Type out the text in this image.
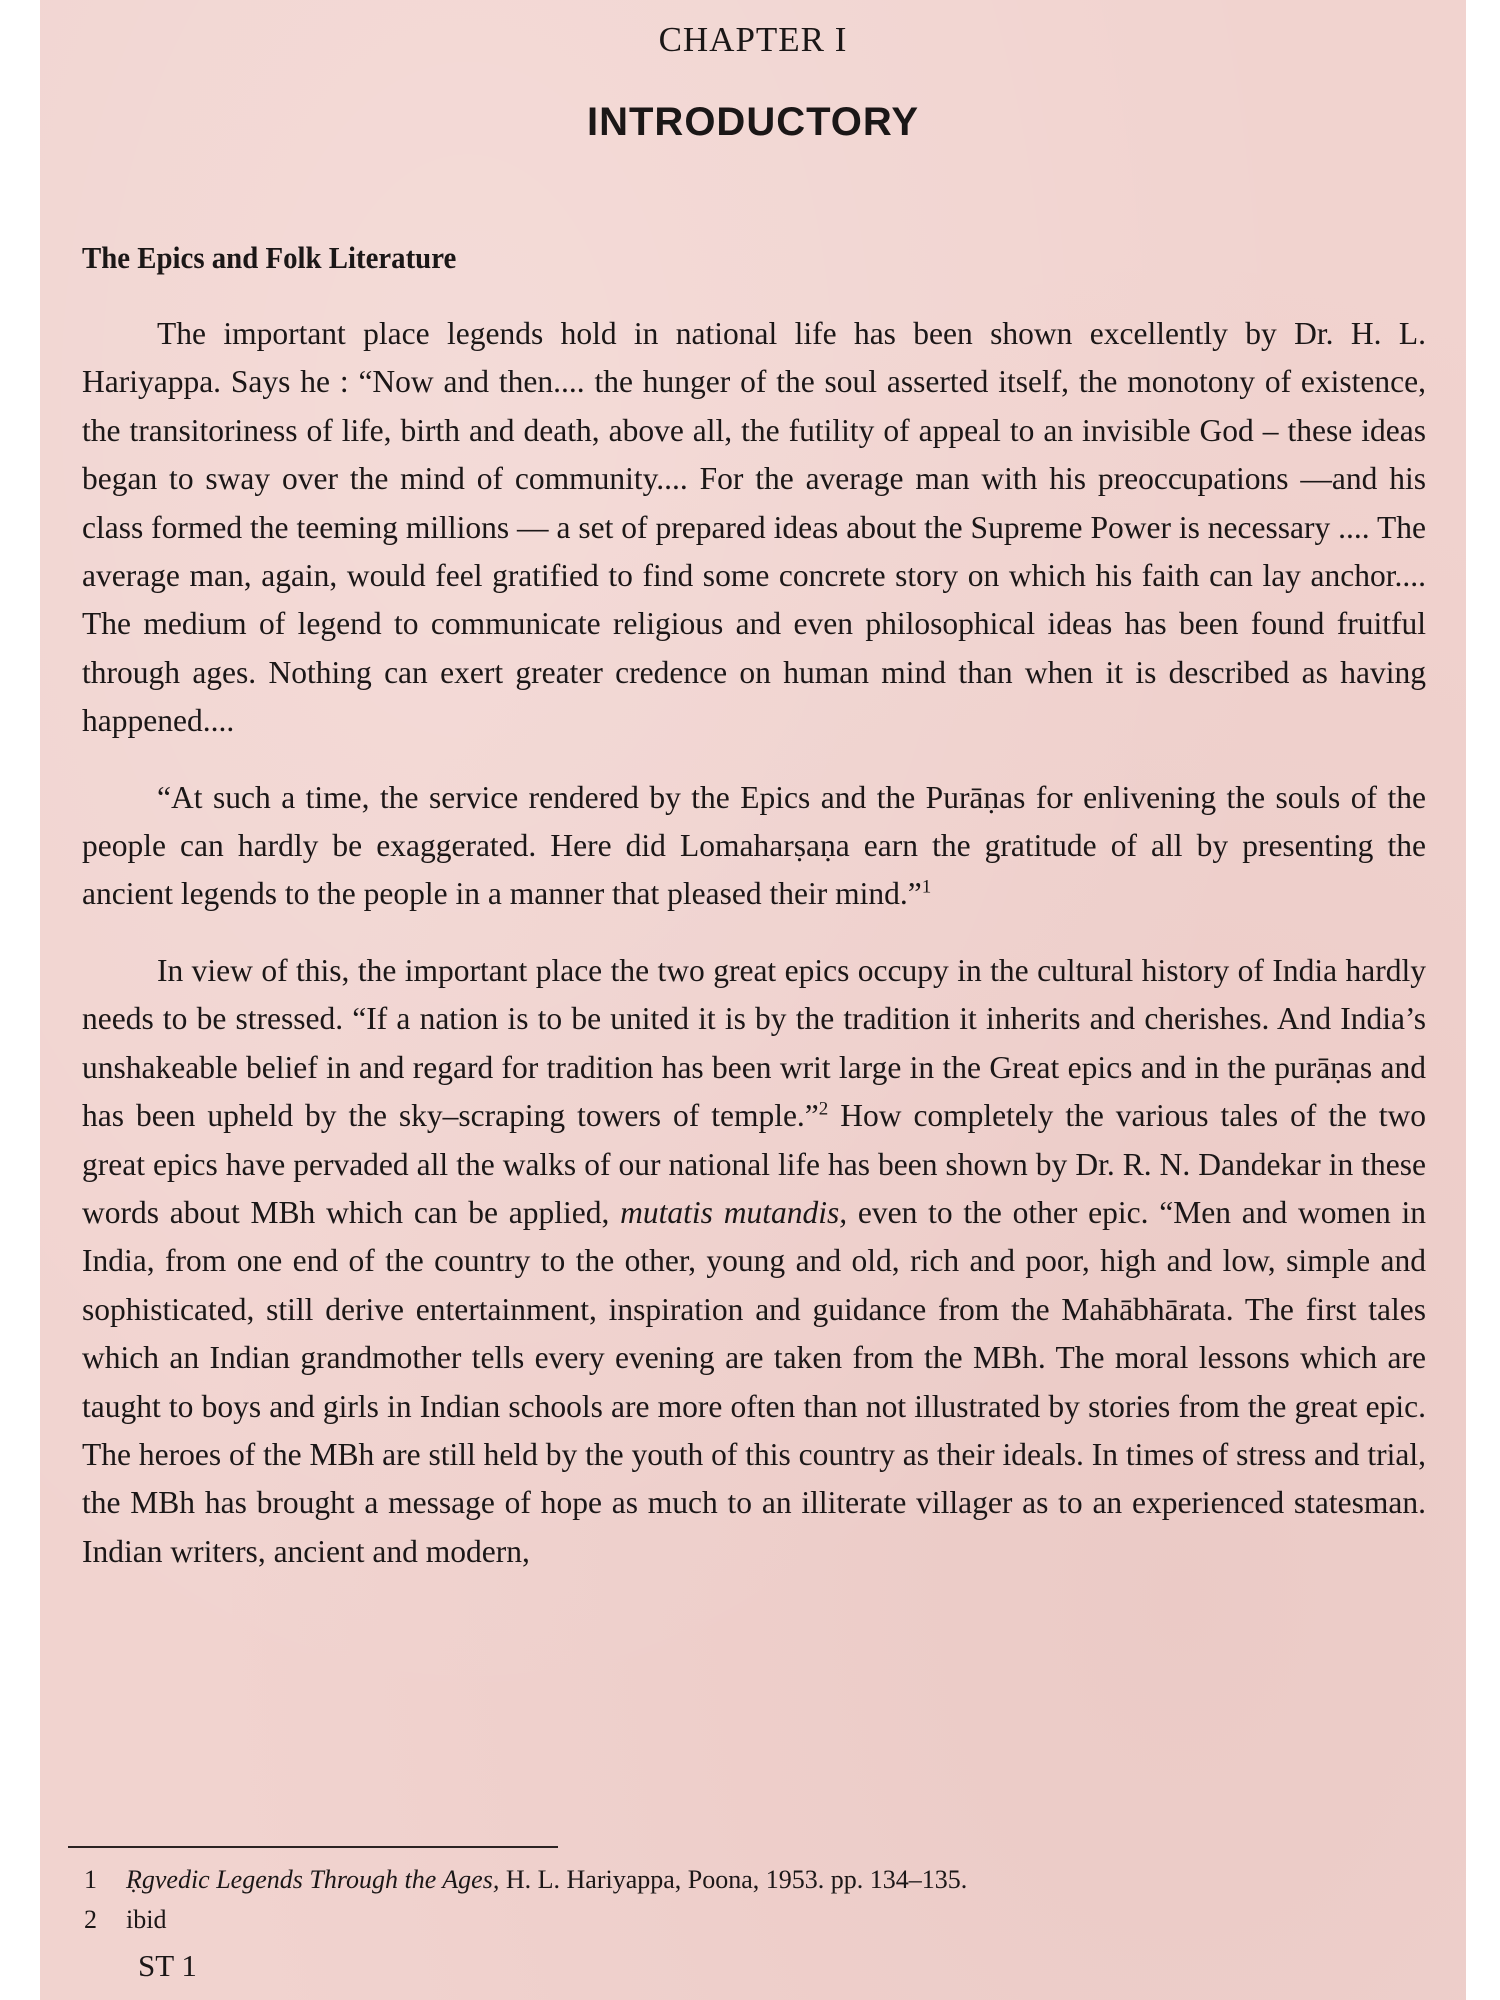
CHAPTER I
INTRODUCTORY
The Epics and Folk Literature

The important place legends hold in national life has been shown excellently by Dr. H. L. Hariyappa. Says he : “Now and then.... the hunger of the soul asserted itself, the monotony of existence, the transitoriness of life, birth and death, above all, the futility of appeal to an invisible God – these ideas began to sway over the mind of community.... For the average man with his preoccupations —and his class formed the teeming millions — a set of prepared ideas about the Supreme Power is necessary .... The average man, again, would feel gratified to find some concrete story on which his faith can lay anchor.... The medium of legend to communicate religious and even philosophical ideas has been found fruitful through ages. Nothing can exert greater credence on human mind than when it is described as having happened....

“At such a time, the service rendered by the Epics and the Purāṇas for enlivening the souls of the people can hardly be exaggerated. Here did Lomaharṣaṇa earn the gratitude of all by presenting the ancient legends to the people in a manner that pleased their mind.”$^1$

In view of this, the important place the two great epics occupy in the cultural history of India hardly needs to be stressed. “If a nation is to be united it is by the tradition it inherits and cherishes. And India’s unshakeable belief in and regard for tradition has been writ large in the Great epics and in the purāṇas and has been upheld by the sky–scraping towers of temple.”$^2$ How completely the various tales of the two great epics have pervaded all the walks of our national life has been shown by Dr. R. N. Dandekar in these words about MBh which can be applied, mutatis mutandis, even to the other epic. “Men and women in India, from one end of the country to the other, young and old, rich and poor, high and low, simple and sophisticated, still derive entertainment, inspiration and guidance from the Mahābhārata. The first tales which an Indian grandmother tells every evening are taken from the MBh. The moral lessons which are taught to boys and girls in Indian schools are more often than not illustrated by stories from the great epic. The heroes of the MBh are still held by the youth of this country as their ideals. In times of stress and trial, the MBh has brought a message of hope as much to an illiterate villager as to an experienced statesman. Indian writers, ancient and modern,

1	Ṛgvedic Legends Through the Ages, H. L. Hariyappa, Poona, 1953. pp. 134–135.
2	ibid
ST 1
